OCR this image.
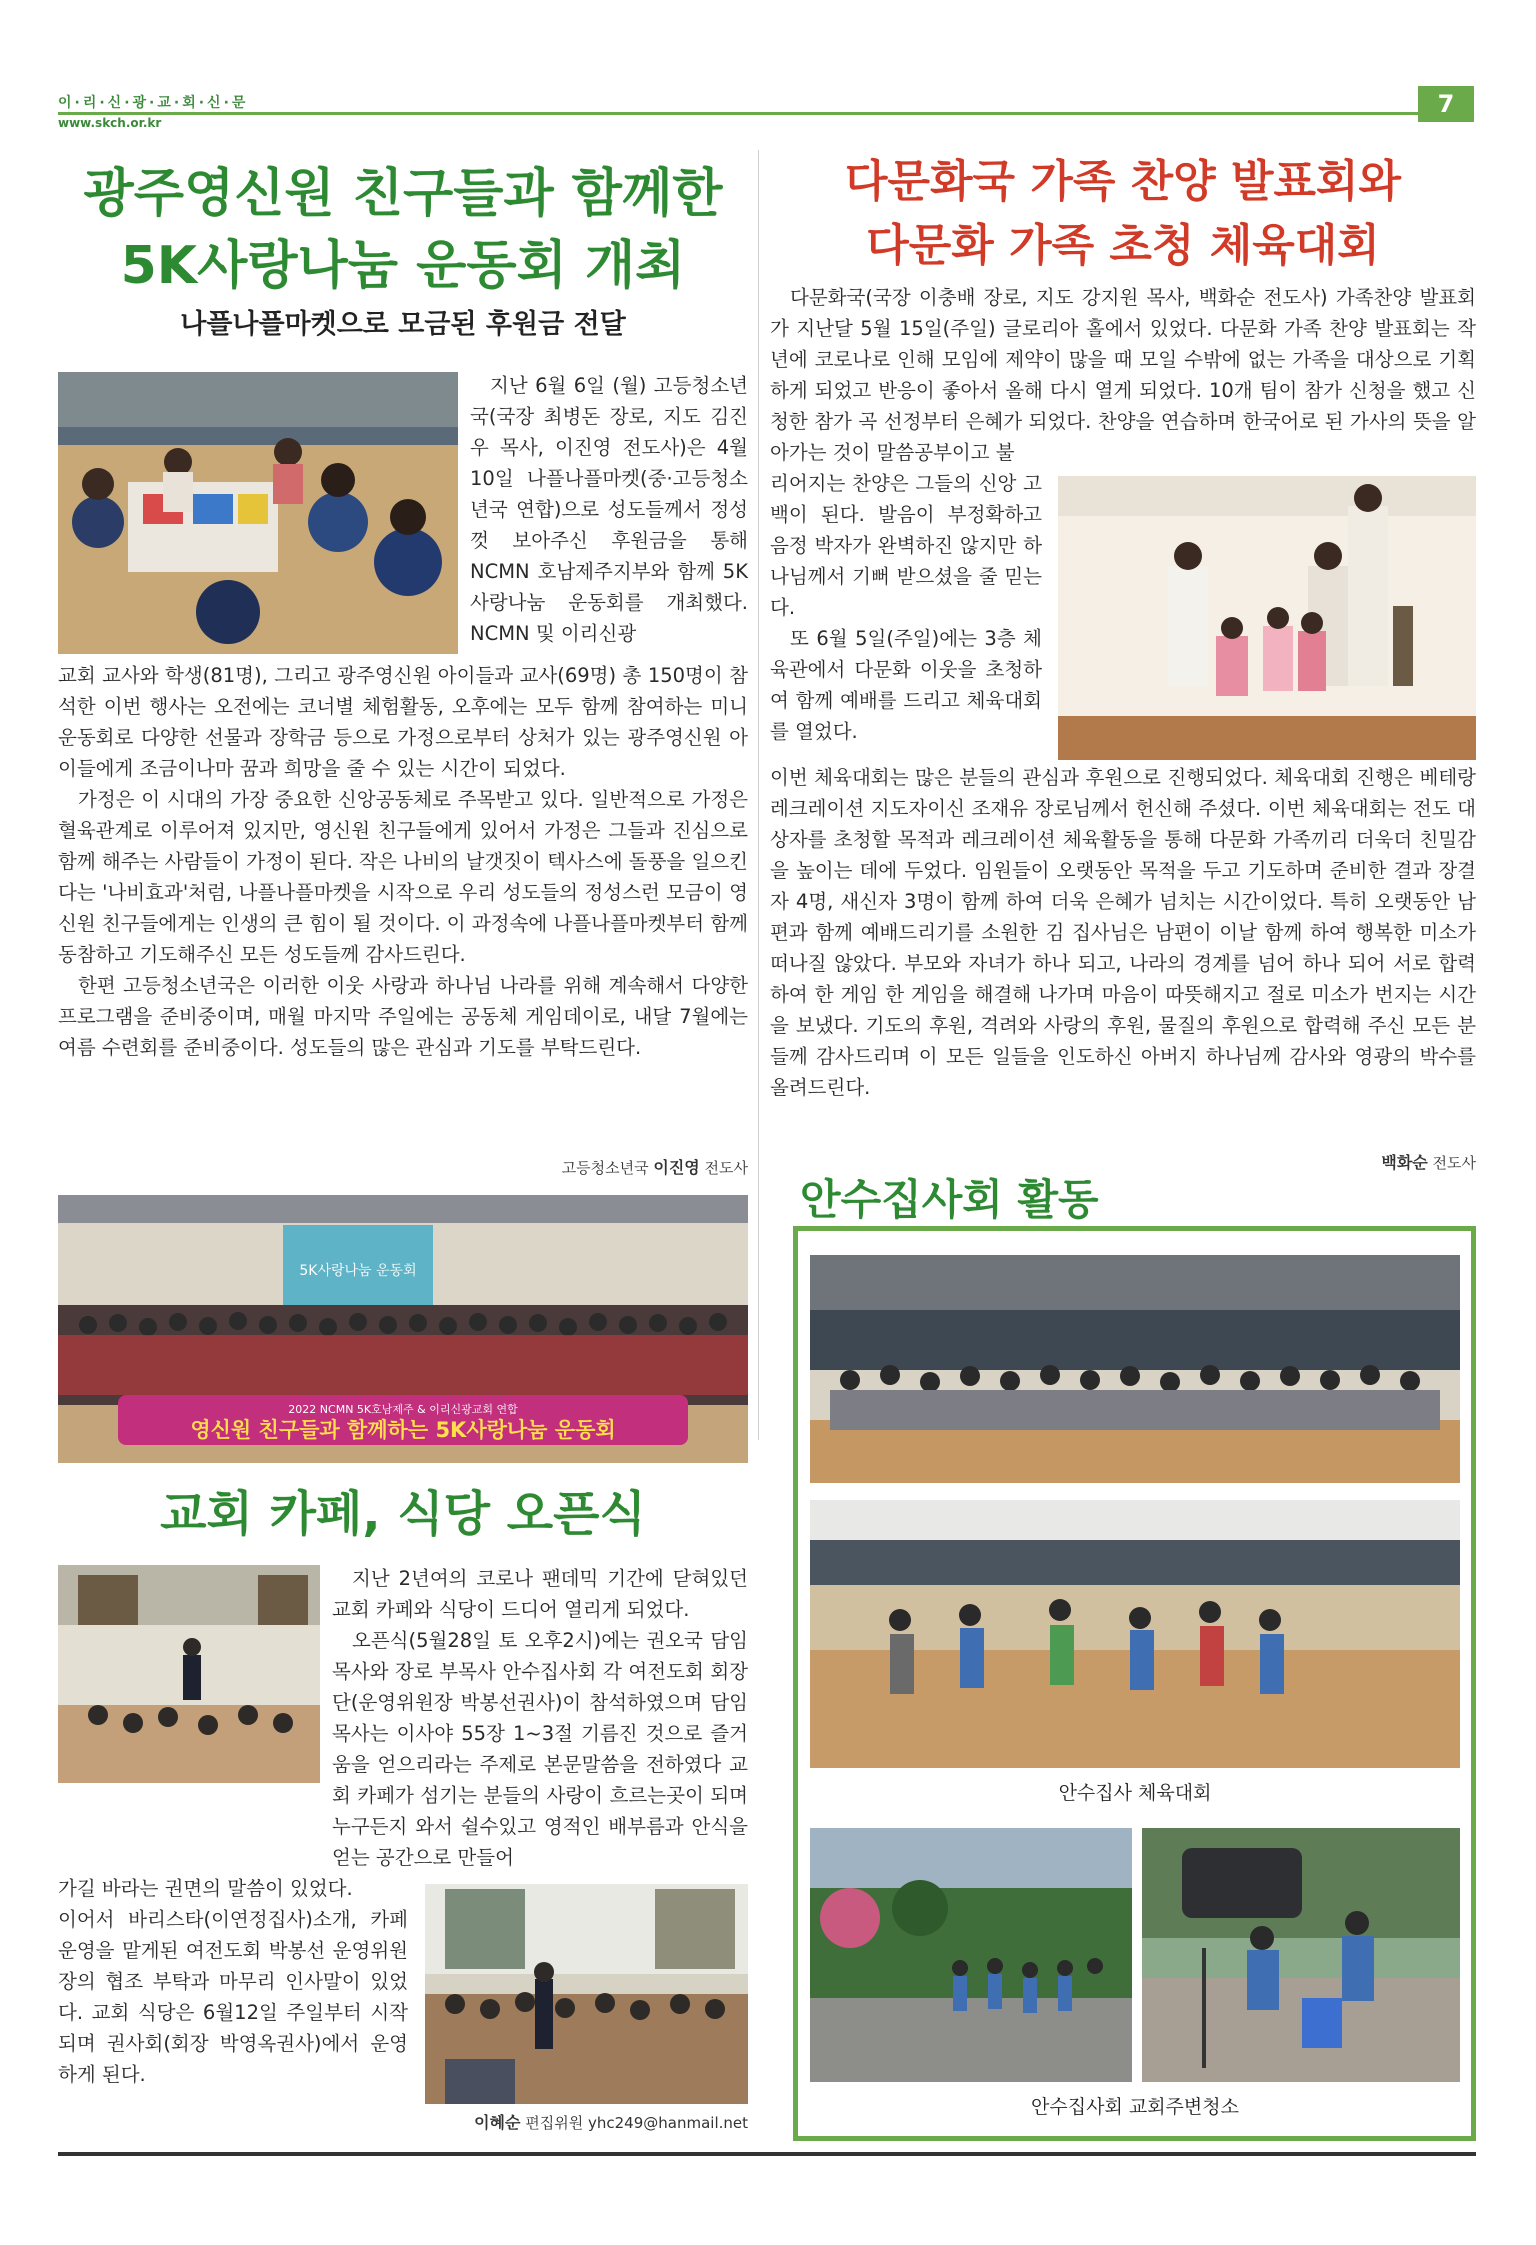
이·리·신·광·교·회·신·문
www.skch.or.kr
7
광주영신원 친구들과 함께한
5K사랑나눔 운동회 개최
나플나플마켓으로 모금된 후원금 전달

지난 6월 6일 (월) 고등청소년국(국장 최병돈 장로, 지도 김진우 목사, 이진영 전도사)은 4월 10일 나플나플마켓(중·고등청소년국 연합)으로 성도들께서 정성껏 보아주신 후원금을 통해 NCMN 호남제주지부와 함께 5K사랑나눔 운동회를 개최했다. NCMN 및 이리신광

교회 교사와 학생(81명), 그리고 광주영신원 아이들과 교사(69명) 총 150명이 참석한 이번 행사는 오전에는 코너별 체험활동, 오후에는 모두 함께 참여하는 미니 운동회로 다양한 선물과 장학금 등으로 가정으로부터 상처가 있는 광주영신원 아이들에게 조금이나마 꿈과 희망을 줄 수 있는 시간이 되었다.

가정은 이 시대의 가장 중요한 신앙공동체로 주목받고 있다. 일반적으로 가정은 혈육관계로 이루어져 있지만, 영신원 친구들에게 있어서 가정은 그들과 진심으로 함께 해주는 사람들이 가정이 된다. 작은 나비의 날갯짓이 텍사스에 돌풍을 일으킨다는 '나비효과'처럼, 나플나플마켓을 시작으로 우리 성도들의 정성스런 모금이 영신원 친구들에게는 인생의 큰 힘이 될 것이다. 이 과정속에 나플나플마켓부터 함께 동참하고 기도해주신 모든 성도들께 감사드린다.

한편 고등청소년국은 이러한 이웃 사랑과 하나님 나라를 위해 계속해서 다양한 프로그램을 준비중이며, 매월 마지막 주일에는 공동체 게임데이로, 내달 7월에는 여름 수련회를 준비중이다. 성도들의 많은 관심과 기도를 부탁드린다.

고등청소년국 이진영 전도사
5K사랑나눔 운동회
2022 NCMN 5K호남제주 & 이리신광교회 연합
영신원 친구들과 함께하는 5K사랑나눔 운동회
교회 카페, 식당 오픈식

지난 2년여의 코로나 팬데믹 기간에 닫혀있던 교회 카페와 식당이 드디어 열리게 되었다.

오픈식(5월28일 토 오후2시)에는 권오국 담임목사와 장로 부목사 안수집사회 각 여전도회 회장단(운영위원장 박봉선권사)이 참석하였으며 담임목사는 이사야 55장 1~3절 기름진 것으로 즐거움을 얻으리라는 주제로 본문말씀을 전하였다 교회 카페가 섬기는 분들의 사랑이 흐르는곳이 되며 누구든지 와서 쉴수있고 영적인 배부름과 안식을 얻는 공간으로 만들어

가길 바라는 권면의 말씀이 있었다.

이어서 바리스타(이연정집사)소개, 카페운영을 맡게된 여전도회 박봉선 운영위원장의 협조 부탁과 마무리 인사말이 있었다. 교회 식당은 6월12일 주일부터 시작되며 권사회(회장 박영옥권사)에서 운영하게 된다.

이혜순 편집위원 yhc249@hanmail.net
다문화국 가족 찬양 발표회와
다문화 가족 초청 체육대회

다문화국(국장 이충배 장로, 지도 강지원 목사, 백화순 전도사) 가족찬양 발표회가 지난달 5월 15일(주일) 글로리아 홀에서 있었다. 다문화 가족 찬양 발표회는 작년에 코로나로 인해 모임에 제약이 많을 때 모일 수밖에 없는 가족을 대상으로 기획하게 되었고 반응이 좋아서 올해 다시 열게 되었다. 10개 팀이 참가 신청을 했고 신청한 참가 곡 선정부터 은혜가 되었다. 찬양을 연습하며 한국어로 된 가사의 뜻을 알아가는 것이 말씀공부이고 불

리어지는 찬양은 그들의 신앙 고백이 된다. 발음이 부정확하고 음정 박자가 완벽하진 않지만 하나님께서 기뻐 받으셨을 줄 믿는다.

또 6월 5일(주일)에는 3층 체육관에서 다문화 이웃을 초청하여 함께 예배를 드리고 체육대회를 열었다.

이번 체육대회는 많은 분들의 관심과 후원으로 진행되었다. 체육대회 진행은 베테랑 레크레이션 지도자이신 조재유 장로님께서 헌신해 주셨다. 이번 체육대회는 전도 대상자를 초청할 목적과 레크레이션 체육활동을 통해 다문화 가족끼리 더욱더 친밀감을 높이는 데에 두었다. 임원들이 오랫동안 목적을 두고 기도하며 준비한 결과 장결자 4명, 새신자 3명이 함께 하여 더욱 은혜가 넘치는 시간이었다. 특히 오랫동안 남편과 함께 예배드리기를 소원한 김 집사님은 남편이 이날 함께 하여 행복한 미소가 떠나질 않았다. 부모와 자녀가 하나 되고, 나라의 경계를 넘어 하나 되어 서로 합력하여 한 게임 한 게임을 해결해 나가며 마음이 따뜻해지고 절로 미소가 번지는 시간을 보냈다. 기도의 후원, 격려와 사랑의 후원, 물질의 후원으로 합력해 주신 모든 분들께 감사드리며 이 모든 일들을 인도하신 아버지 하나님께 감사와 영광의 박수를 올려드린다.

백화순 전도사
안수집사회 활동
안수집사 체육대회
안수집사회 교회주변청소
